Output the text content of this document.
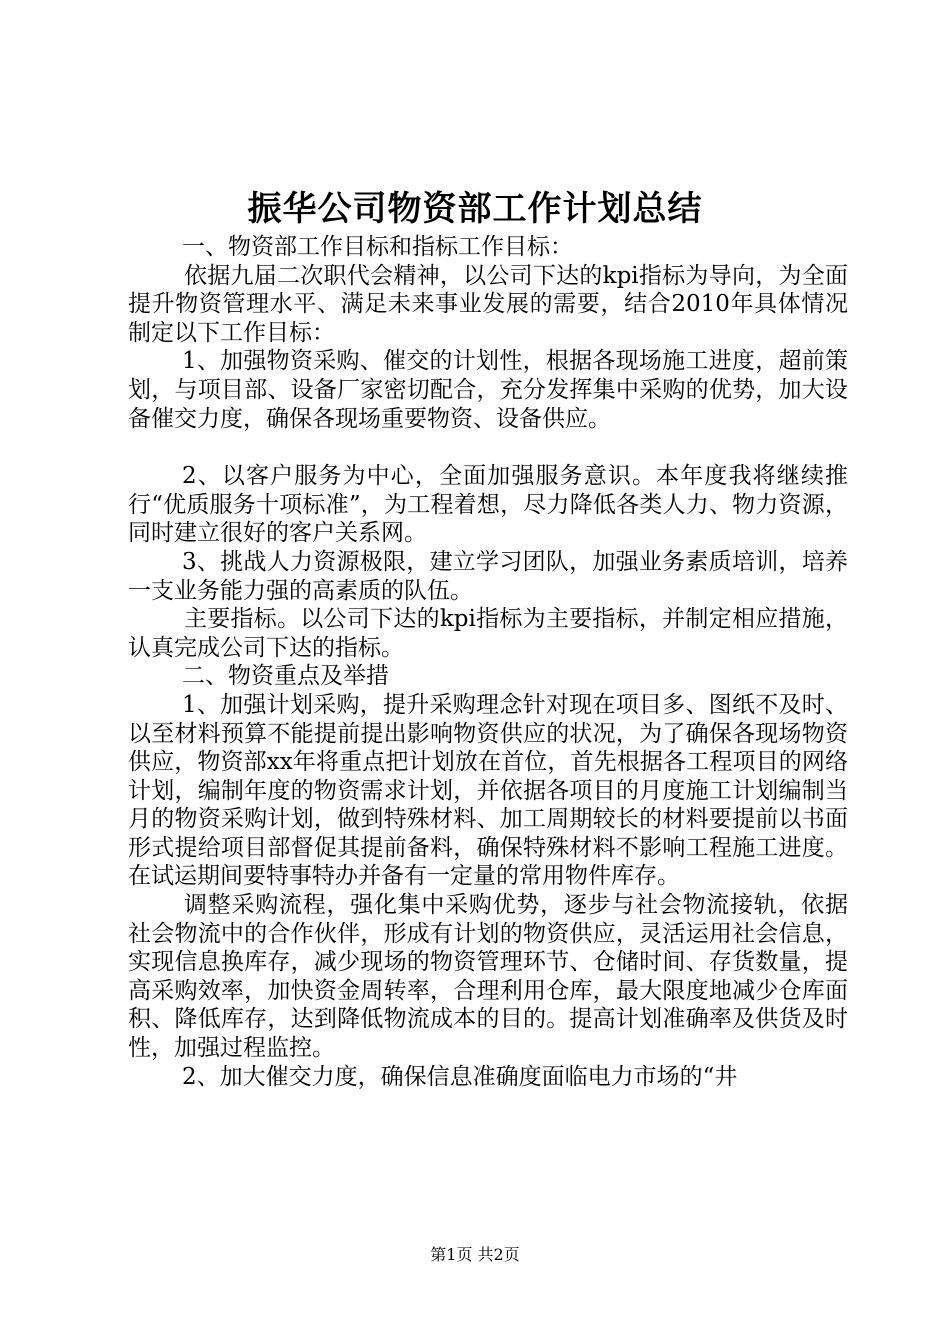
振华公司物资部工作计划总结

一、物资部工作目标和指标工作目标：

依据九届二次职代会精神，以公司下达的kpi指标为导向，为全面提升物资管理水平、满足未来事业发展的需要，结合2010年具体情况制定以下工作目标：

1、加强物资采购、催交的计划性，根据各现场施工进度，超前策划，与项目部、设备厂家密切配合，充分发挥集中采购的优势，加大设备催交力度，确保各现场重要物资、设备供应。

2、以客户服务为中心，全面加强服务意识。本年度我将继续推行“优质服务十项标准”，为工程着想，尽力降低各类人力、物力资源，同时建立很好的客户关系网。

3、挑战人力资源极限，建立学习团队，加强业务素质培训，培养一支业务能力强的高素质的队伍。

主要指标。以公司下达的kpi指标为主要指标，并制定相应措施，认真完成公司下达的指标。

二、物资重点及举措

1、加强计划采购，提升采购理念针对现在项目多、图纸不及时、以至材料预算不能提前提出影响物资供应的状况，为了确保各现场物资供应，物资部xx年将重点把计划放在首位，首先根据各工程项目的网络计划，编制年度的物资需求计划，并依据各项目的月度施工计划编制当月的物资采购计划，做到特殊材料、加工周期较长的材料要提前以书面形式提给项目部督促其提前备料，确保特殊材料不影响工程施工进度。在试运期间要特事特办并备有一定量的常用物件库存。

调整采购流程，强化集中采购优势，逐步与社会物流接轨，依据社会物流中的合作伙伴，形成有计划的物资供应，灵活运用社会信息，实现信息换库存，减少现场的物资管理环节、仓储时间、存货数量，提高采购效率，加快资金周转率，合理利用仓库，最大限度地减少仓库面积、降低库存，达到降低物流成本的目的。提高计划准确率及供货及时性，加强过程监控。

2、加大催交力度，确保信息准确度面临电力市场的“井

第1页 共2页
